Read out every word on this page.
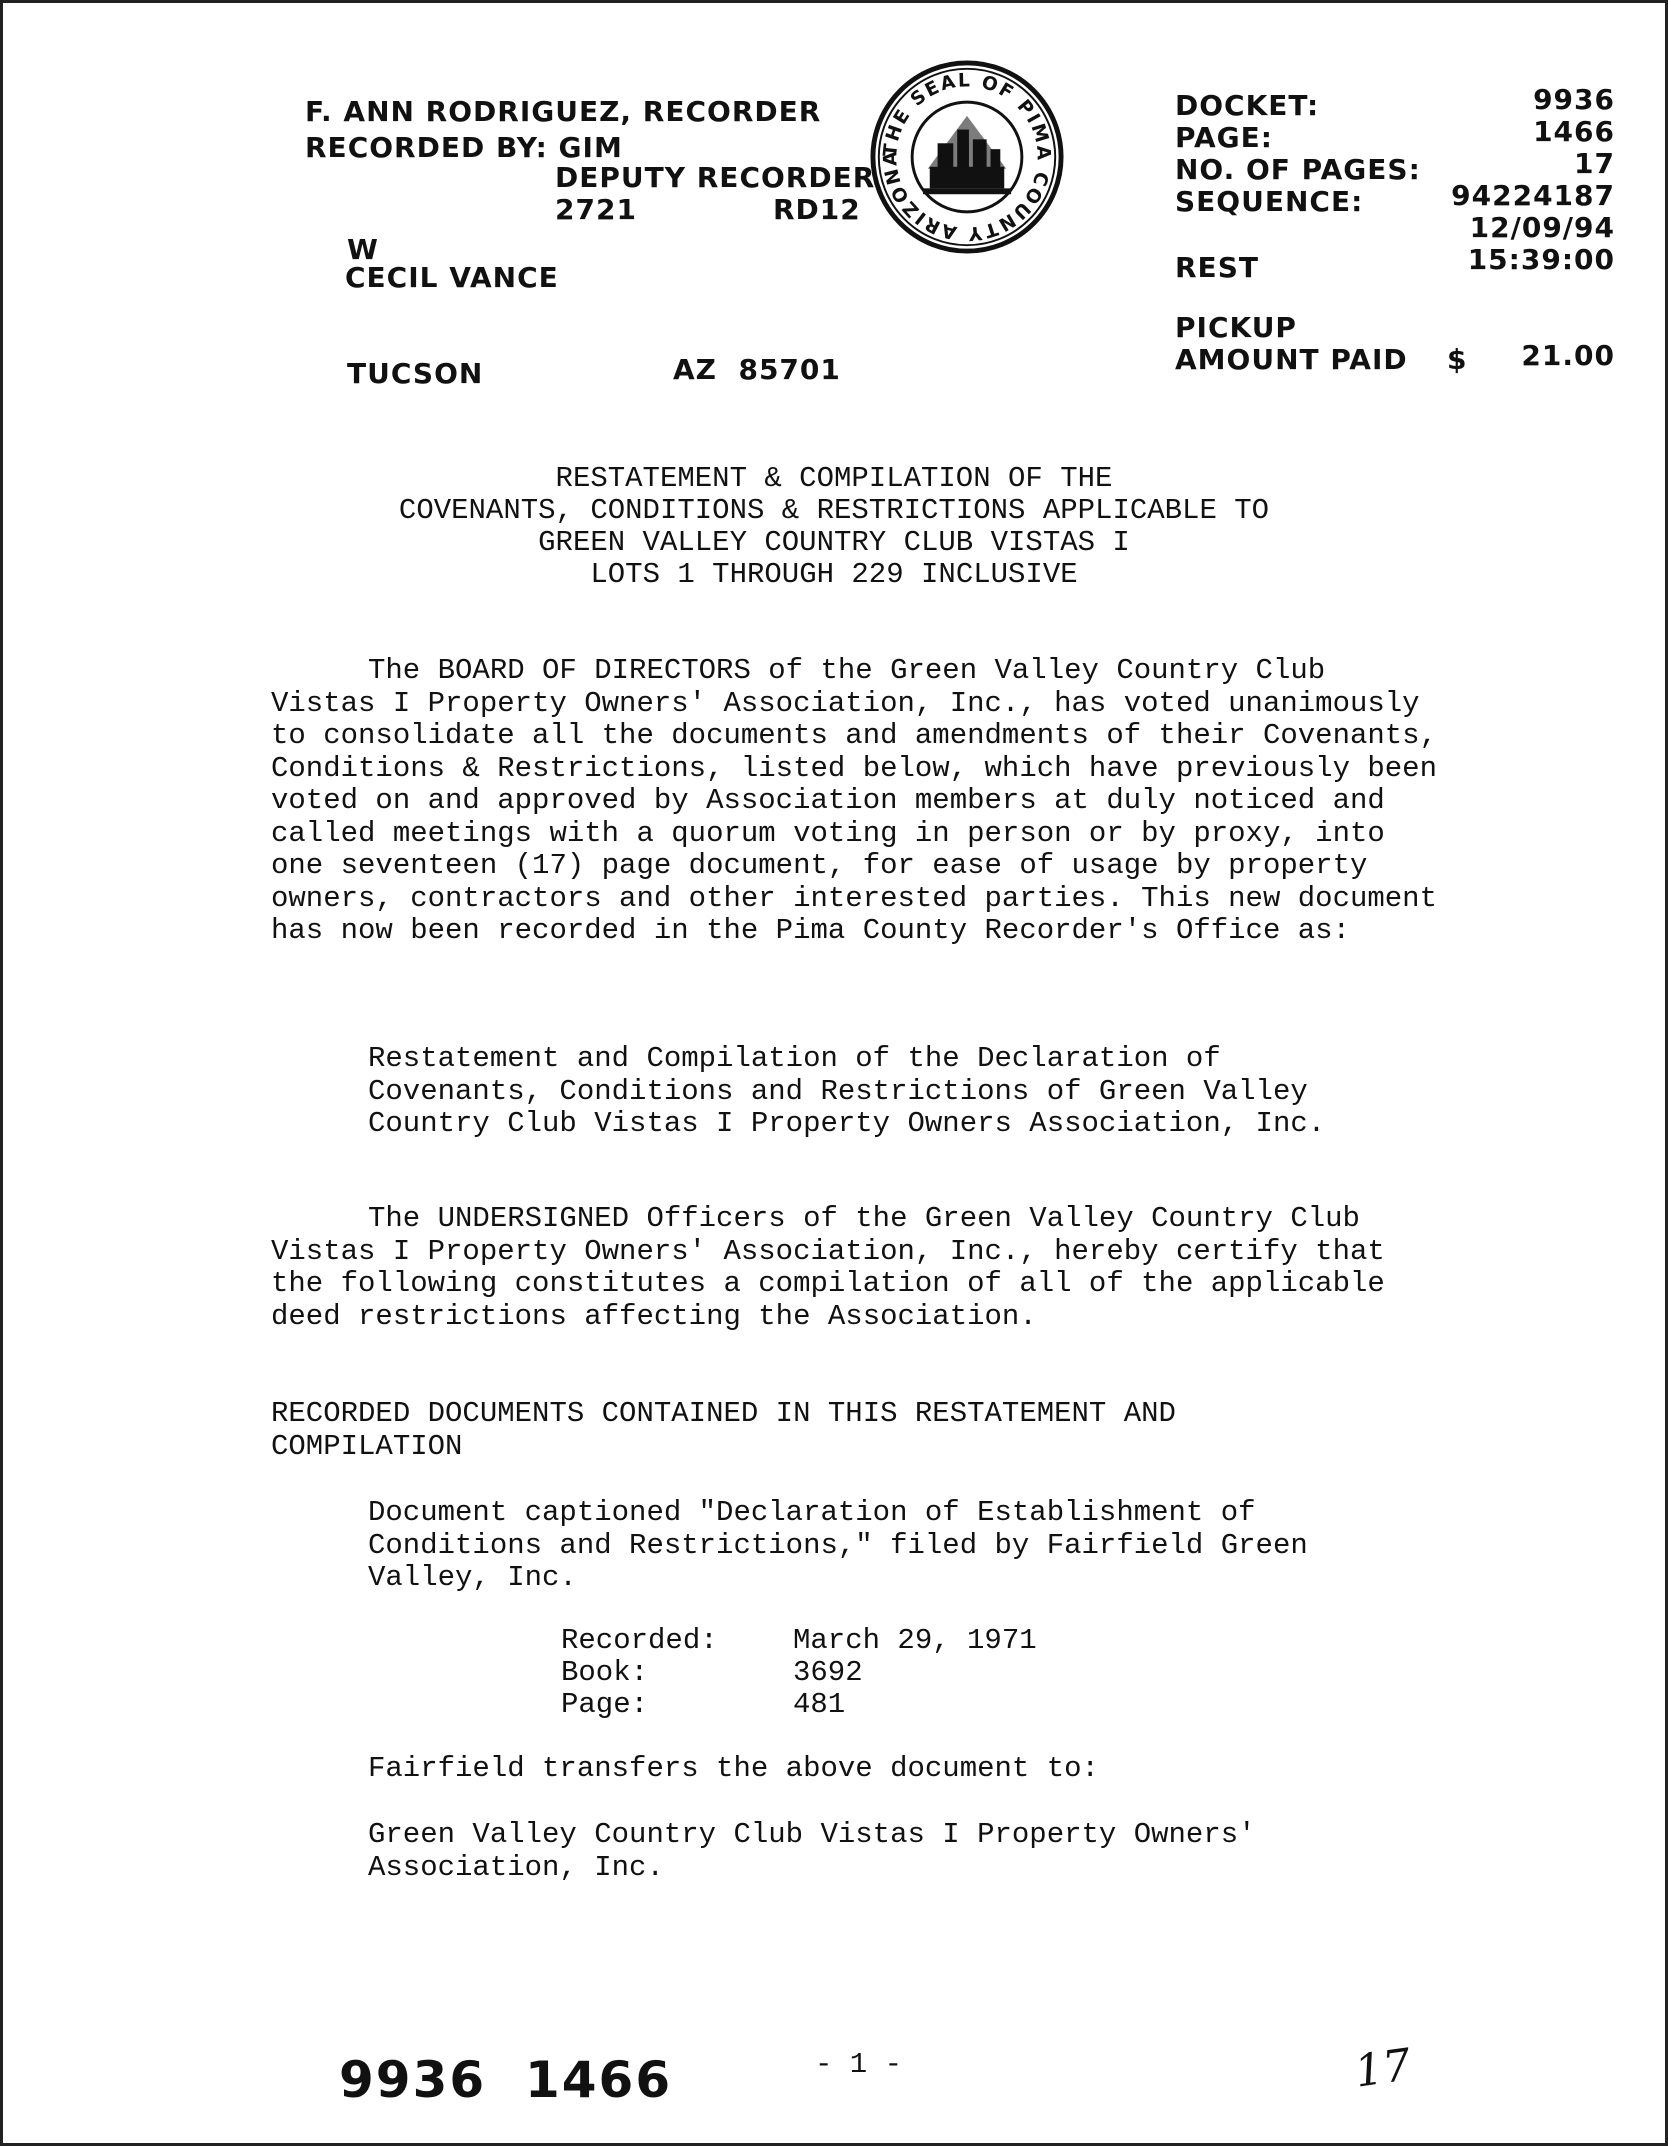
F. ANN RODRIGUEZ, RECORDER
RECORDED BY: GIM
DEPUTY RECORDER
2721	RD12
W
CECIL VANCE
TUCSON	AZ  85701
THE SEAL OF PIMA COUNTY ARIZONA
DOCKET:	9936
PAGE:	1466
NO. OF PAGES:	17
SEQUENCE:	94224187
12/09/94
REST	15:39:00
PICKUP
AMOUNT PAID $ 21.00
RESTATEMENT & COMPILATION OF THE
COVENANTS, CONDITIONS & RESTRICTIONS APPLICABLE TO
GREEN VALLEY COUNTRY CLUB VISTAS I
LOTS 1 THROUGH 229 INCLUSIVE
The BOARD OF DIRECTORS of the Green Valley Country Club Vistas I Property Owners' Association, Inc., has voted unanimously to consolidate all the documents and amendments of their Covenants, Conditions & Restrictions, listed below, which have previously been voted on and approved by Association members at duly noticed and called meetings with a quorum voting in person or by proxy, into one seventeen (17) page document, for ease of usage by property owners, contractors and other interested parties. This new document has now been recorded in the Pima County Recorder's Office as:
Restatement and Compilation of the Declaration of Covenants, Conditions and Restrictions of Green Valley Country Club Vistas I Property Owners Association, Inc.
The UNDERSIGNED Officers of the Green Valley Country Club Vistas I Property Owners' Association, Inc., hereby certify that the following constitutes a compilation of all of the applicable deed restrictions affecting the Association.
RECORDED DOCUMENTS CONTAINED IN THIS RESTATEMENT AND COMPILATION
Document captioned "Declaration of Establishment of Conditions and Restrictions," filed by Fairfield Green Valley, Inc.
Recorded:	March 29, 1971
Book:	3692
Page:	481
Fairfield transfers the above document to:
Green Valley Country Club Vistas I Property Owners' Association, Inc.
9936  1466	- 1 -	17
